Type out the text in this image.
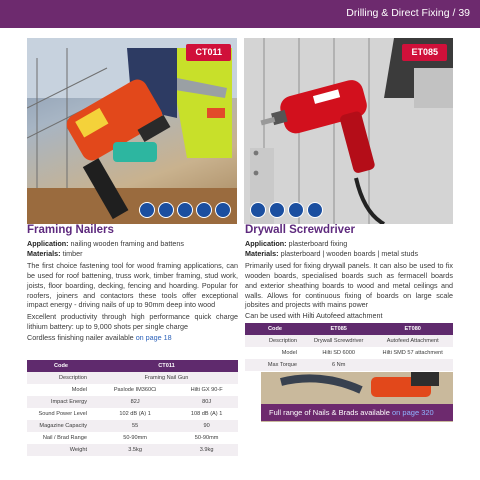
Drilling & Direct Fixing / 39
CT011	ET085
Framing Nailers

Application: nailing wooden framing and battens

Materials: timber

The first choice fastening tool for wood framing applications, can be used for roof battening, truss work, timber framing, stud work, joists, floor boarding, decking, fencing and hoarding. Popular for roofers, joiners and contactors these tools offer exceptional impact energy - driving nails of up to 90mm deep into wood

Excellent productivity through high performance quick charge lithium battery: up to 9,000 shots per single charge

Cordless finishing nailer available on page 18

Code	CT011	
Description	Framing Nail Gun	
Model	Paslode IM360Ci	Hilti GX 90-F
Impact Energy	82J	80J
Sound Power Level	102 dB (A) 1	108 dB (A) 1
Magazine Capacity	55	90
Nail / Brad Range	50-90mm	50-90mm
Weight	3.5kg	3.9kg
Drywall Screwdriver

Application: plasterboard fixing

Materials: plasterboard | wooden boards | metal studs

Primarily used for fixing drywall panels. It can also be used to fix wooden boards, specialised boards such as fermacell boards and exterior sheathing boards to wood and metal ceilings and walls. Allows for continuous fixing of boards on large scale jobsites and projects with mains power

Can be used with Hilti Autofeed attachment

Code	ET085	ET080
Description	Drywall Screwdriver	Autofeed Attachment
Model	Hilti SD 6000	Hilti SMD 57 attachment
Max Torque	6 Nm	
Full range of Nails & Brads available on page 320
